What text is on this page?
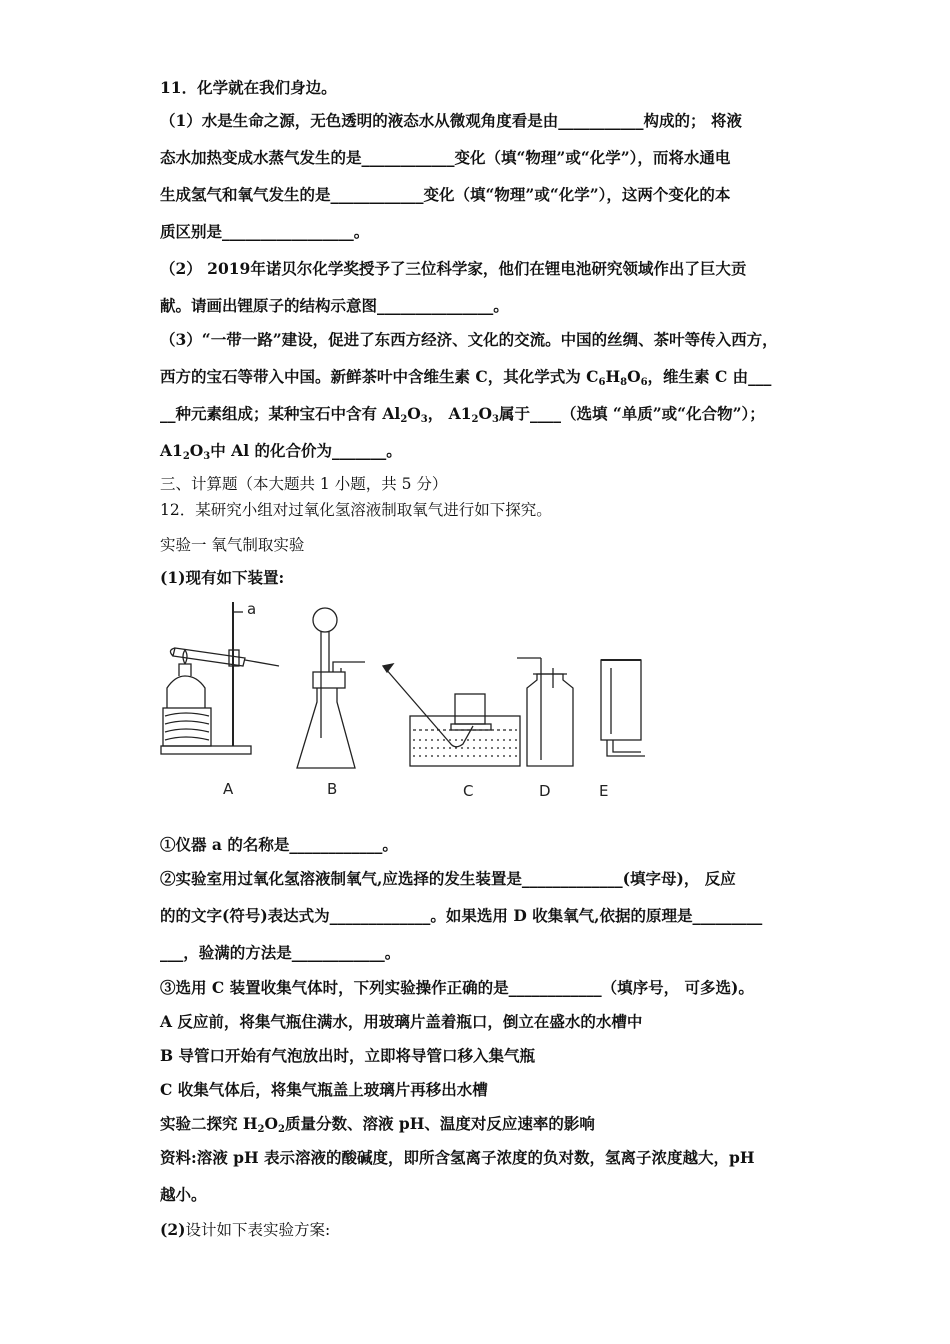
11．化学就在我们身边。
（1）水是生命之源，无色透明的液态水从微观角度看是由___________构成的； 将液
态水加热变成水蒸气发生的是____________变化（填“物理”或“化学”），而将水通电
生成氢气和氧气发生的是____________变化（填“物理”或“化学”），这两个变化的本
质区别是_________________。
（2） 2019年诺贝尔化学奖授予了三位科学家，他们在锂电池研究领域作出了巨大贡
献。请画出锂原子的结构示意图_______________。
（3）“一带一路”建设，促进了东西方经济、文化的交流。中国的丝绸、茶叶等传入西方，
西方的宝石等带入中国。新鲜茶叶中含维生素 C，其化学式为 $C_6H_8O_6$，维生素 C 由___
__种元素组成；某种宝石中含有 $Al_2O_3$， $A1_2O_3$属于____（选填 “单质”或“化合物”）；
$A1_2O_3$中 Al 的化合价为_______。
三、计算题（本大题共 1 小题，共 5 分）
12．某研究小组对过氧化氢溶液制取氧气进行如下探究。
实验一 氧气制取实验
(1)现有如下装置:
a
A	B	C	D	E
①仪器 a 的名称是____________。
②实验室用过氧化氢溶液制氧气,应选择的发生装置是_____________(填字母)， 反应
的的文字(符号)表达式为_____________。如果选用 D 收集氧气,依据的原理是_________
___，验满的方法是____________。
③选用 C 装置收集气体时，下列实验操作正确的是____________（填序号， 可多选)。
A 反应前，将集气瓶住满水，用玻璃片盖着瓶口，倒立在盛水的水槽中
B 导管口开始有气泡放出时，立即将导管口移入集气瓶
C 收集气体后，将集气瓶盖上玻璃片再移出水槽
实验二探究 $H_2O_2$质量分数、溶液 pH、温度对反应速率的影响
资料:溶液 pH 表示溶液的酸碱度，即所含氢离子浓度的负对数，氢离子浓度越大，pH
越小。
(2)设计如下表实验方案:
